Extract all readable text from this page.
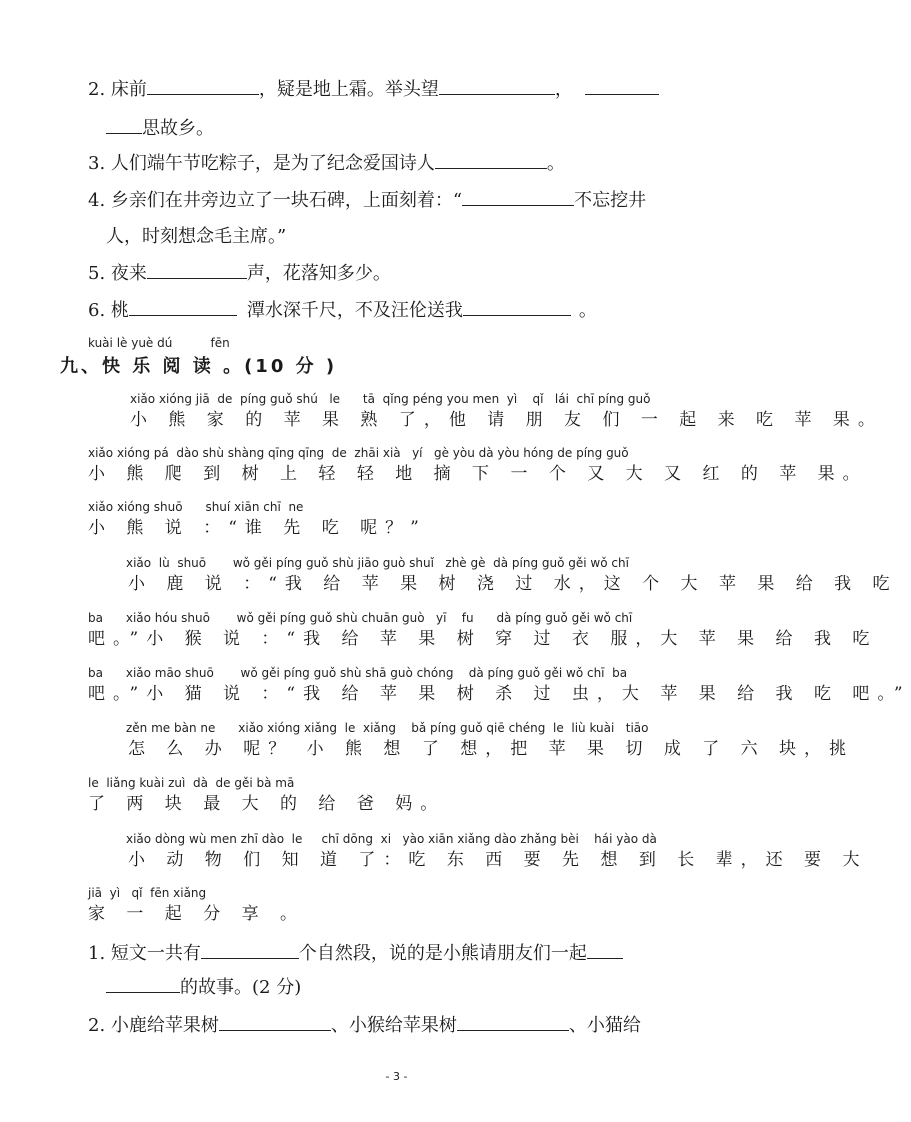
2. 床前	，疑是地上霜。举头望	，
思故乡。
3. 人们端午节吃粽子，是为了纪念爱国诗人	。
4. 乡亲们在井旁边立了一块石碑，上面刻着：“	不忘挖井
人，时刻想念毛主席。”
5. 夜来	声，花落知多少。
6. 桃	潭水深千尺，不及汪伦送我	。
kuài lè yuè dú          fēn
九、快 乐 阅 读 。(10 分 )
xiǎo xióng jiā  de  píng guǒ shú   le      tā  qǐng péng you men  yì    qǐ   lái  chī píng guǒ
小 熊 家 的 苹 果 熟 了，他 请 朋 友 们 一 起 来 吃 苹 果。
xiǎo xióng pá  dào shù shàng qīng qīng  de  zhāi xià   yí   gè yòu dà yòu hóng de píng guǒ
小 熊 爬 到 树 上 轻 轻 地 摘 下 一 个 又 大 又 红 的 苹 果。
xiǎo xióng shuō      shuí xiān chī  ne
小 熊 说 ：“谁 先 吃 呢？”
xiǎo  lù  shuō       wǒ gěi píng guǒ shù jiāo guò shuǐ   zhè gè  dà píng guǒ gěi wǒ chī
小 鹿 说 ：“我 给 苹 果 树 浇 过 水，这 个 大 苹 果 给 我 吃
ba      xiǎo hóu shuō       wǒ gěi píng guǒ shù chuān guò   yī    fu      dà píng guǒ gěi wǒ chī
吧。”小 猴 说 ：“我 给 苹 果 树 穿 过 衣 服，大 苹 果 给 我 吃
ba      xiǎo māo shuō       wǒ gěi píng guǒ shù shā guò chóng    dà píng guǒ gěi wǒ chī  ba
吧。”小 猫 说 ：“我 给 苹 果 树 杀 过 虫，大 苹 果 给 我 吃 吧。”
zěn me bàn ne      xiǎo xióng xiǎng  le  xiǎng    bǎ píng guǒ qiē chéng  le  liù kuài   tiāo
怎 么 办 呢？ 小 熊 想 了 想，把 苹 果 切 成 了 六 块，挑
le  liǎng kuài zuì  dà  de gěi bà mā
了 两 块 最 大 的 给 爸 妈。
xiǎo dòng wù men zhī dào  le     chī dōng  xi   yào xiān xiǎng dào zhǎng bèi    hái yào dà
小 动 物 们 知 道 了：吃 东 西 要 先 想 到 长 辈，还 要 大
jiā  yì   qǐ  fēn xiǎng
家 一 起 分 享 。
1. 短文一共有	个自然段，说的是小熊请朋友们一起
的故事。(2 分)
2. 小鹿给苹果树	、小猴给苹果树	、小猫给
- 3 -
